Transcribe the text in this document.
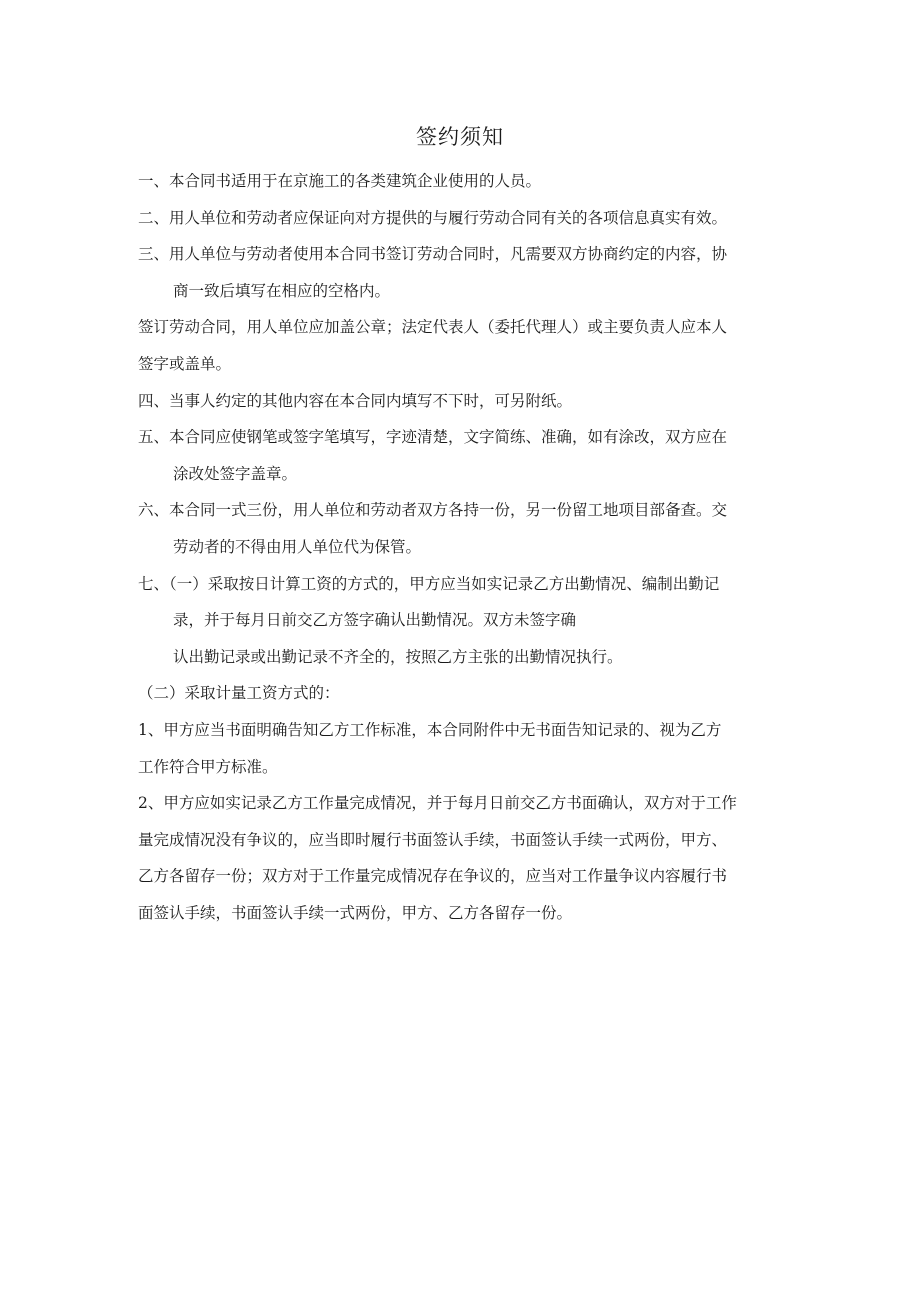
签约须知
一、本合同书适用于在京施工的各类建筑企业使用的人员。
二、用人单位和劳动者应保证向对方提供的与履行劳动合同有关的各项信息真实有效。
三、用人单位与劳动者使用本合同书签订劳动合同时，凡需要双方协商约定的内容，协
商一致后填写在相应的空格内。
签订劳动合同，用人单位应加盖公章；法定代表人（委托代理人）或主要负责人应本人
签字或盖单。
四、当事人约定的其他内容在本合同内填写不下时，可另附纸。
五、本合同应使钢笔或签字笔填写，字迹清楚，文字简练、准确，如有涂改，双方应在
涂改处签字盖章。
六、本合同一式三份，用人单位和劳动者双方各持一份，另一份留工地项目部备查。交
劳动者的不得由用人单位代为保管。
七、（一）采取按日计算工资的方式的，甲方应当如实记录乙方出勤情况、编制出勤记
录，并于每月日前交乙方签字确认出勤情况。双方未签字确
认出勤记录或出勤记录不齐全的，按照乙方主张的出勤情况执行。
（二）采取计量工资方式的：
1、甲方应当书面明确告知乙方工作标准，本合同附件中无书面告知记录的、视为乙方
工作符合甲方标准。
2、甲方应如实记录乙方工作量完成情况，并于每月日前交乙方书面确认，双方对于工作
量完成情况没有争议的，应当即时履行书面签认手续，书面签认手续一式两份，甲方、
乙方各留存一份；双方对于工作量完成情况存在争议的，应当对工作量争议内容履行书
面签认手续，书面签认手续一式两份，甲方、乙方各留存一份。
